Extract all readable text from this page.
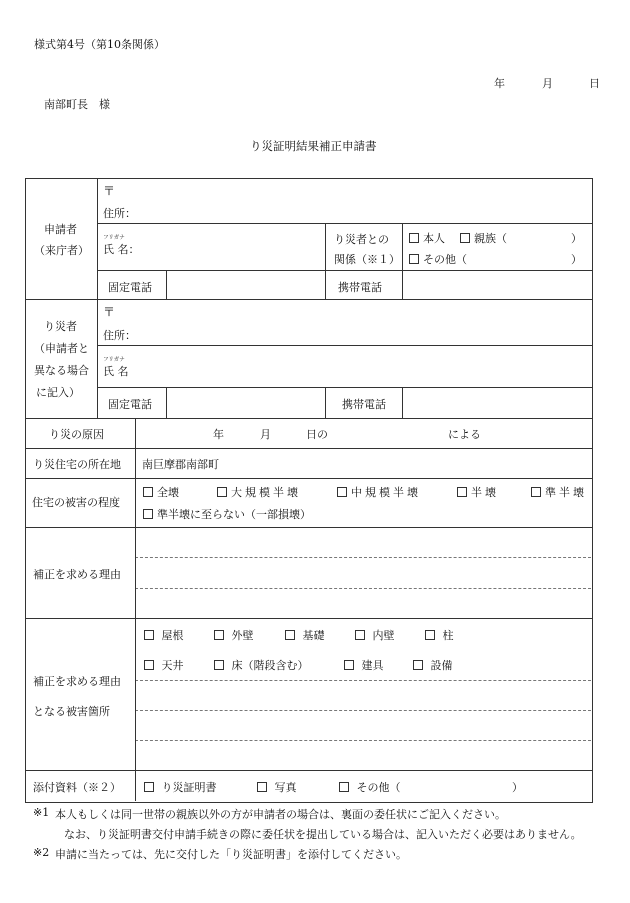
様式第4号（第10条関係）
年	月	日
南部町長　様
り災証明結果補正申請書
申請者
（来庁者）
〒
住所：
フリガナ
氏 名：
り災者との
関係（※１）
本人	親族（	）
その他（	）
固定電話	携帯電話
り災者
（申請者と
異なる場合
に記入）
〒
住所：
フリガナ
氏 名
固定電話	携帯電話
り災の原因	年	月	日の	による
り災住宅の所在地 南巨摩郡南部町
住宅の被害の程度
全壊	大規模半壊	中規模半壊	半壊	準半壊
準半壊に至らない（一部損壊）
補正を求める理由
補正を求める理由
となる被害箇所
屋根	外壁	基礎	内壁	柱
天井	床（階段含む）	建具	設備
添付資料（※２）	り災証明書	写真	その他（	）
※1 本人もしくは同一世帯の親族以外の方が申請者の場合は、裏面の委任状にご記入ください。
なお、り災証明書交付申請手続きの際に委任状を提出している場合は、記入いただく必要はありません。
※2 申請に当たっては、先に交付した「り災証明書」を添付してください。
